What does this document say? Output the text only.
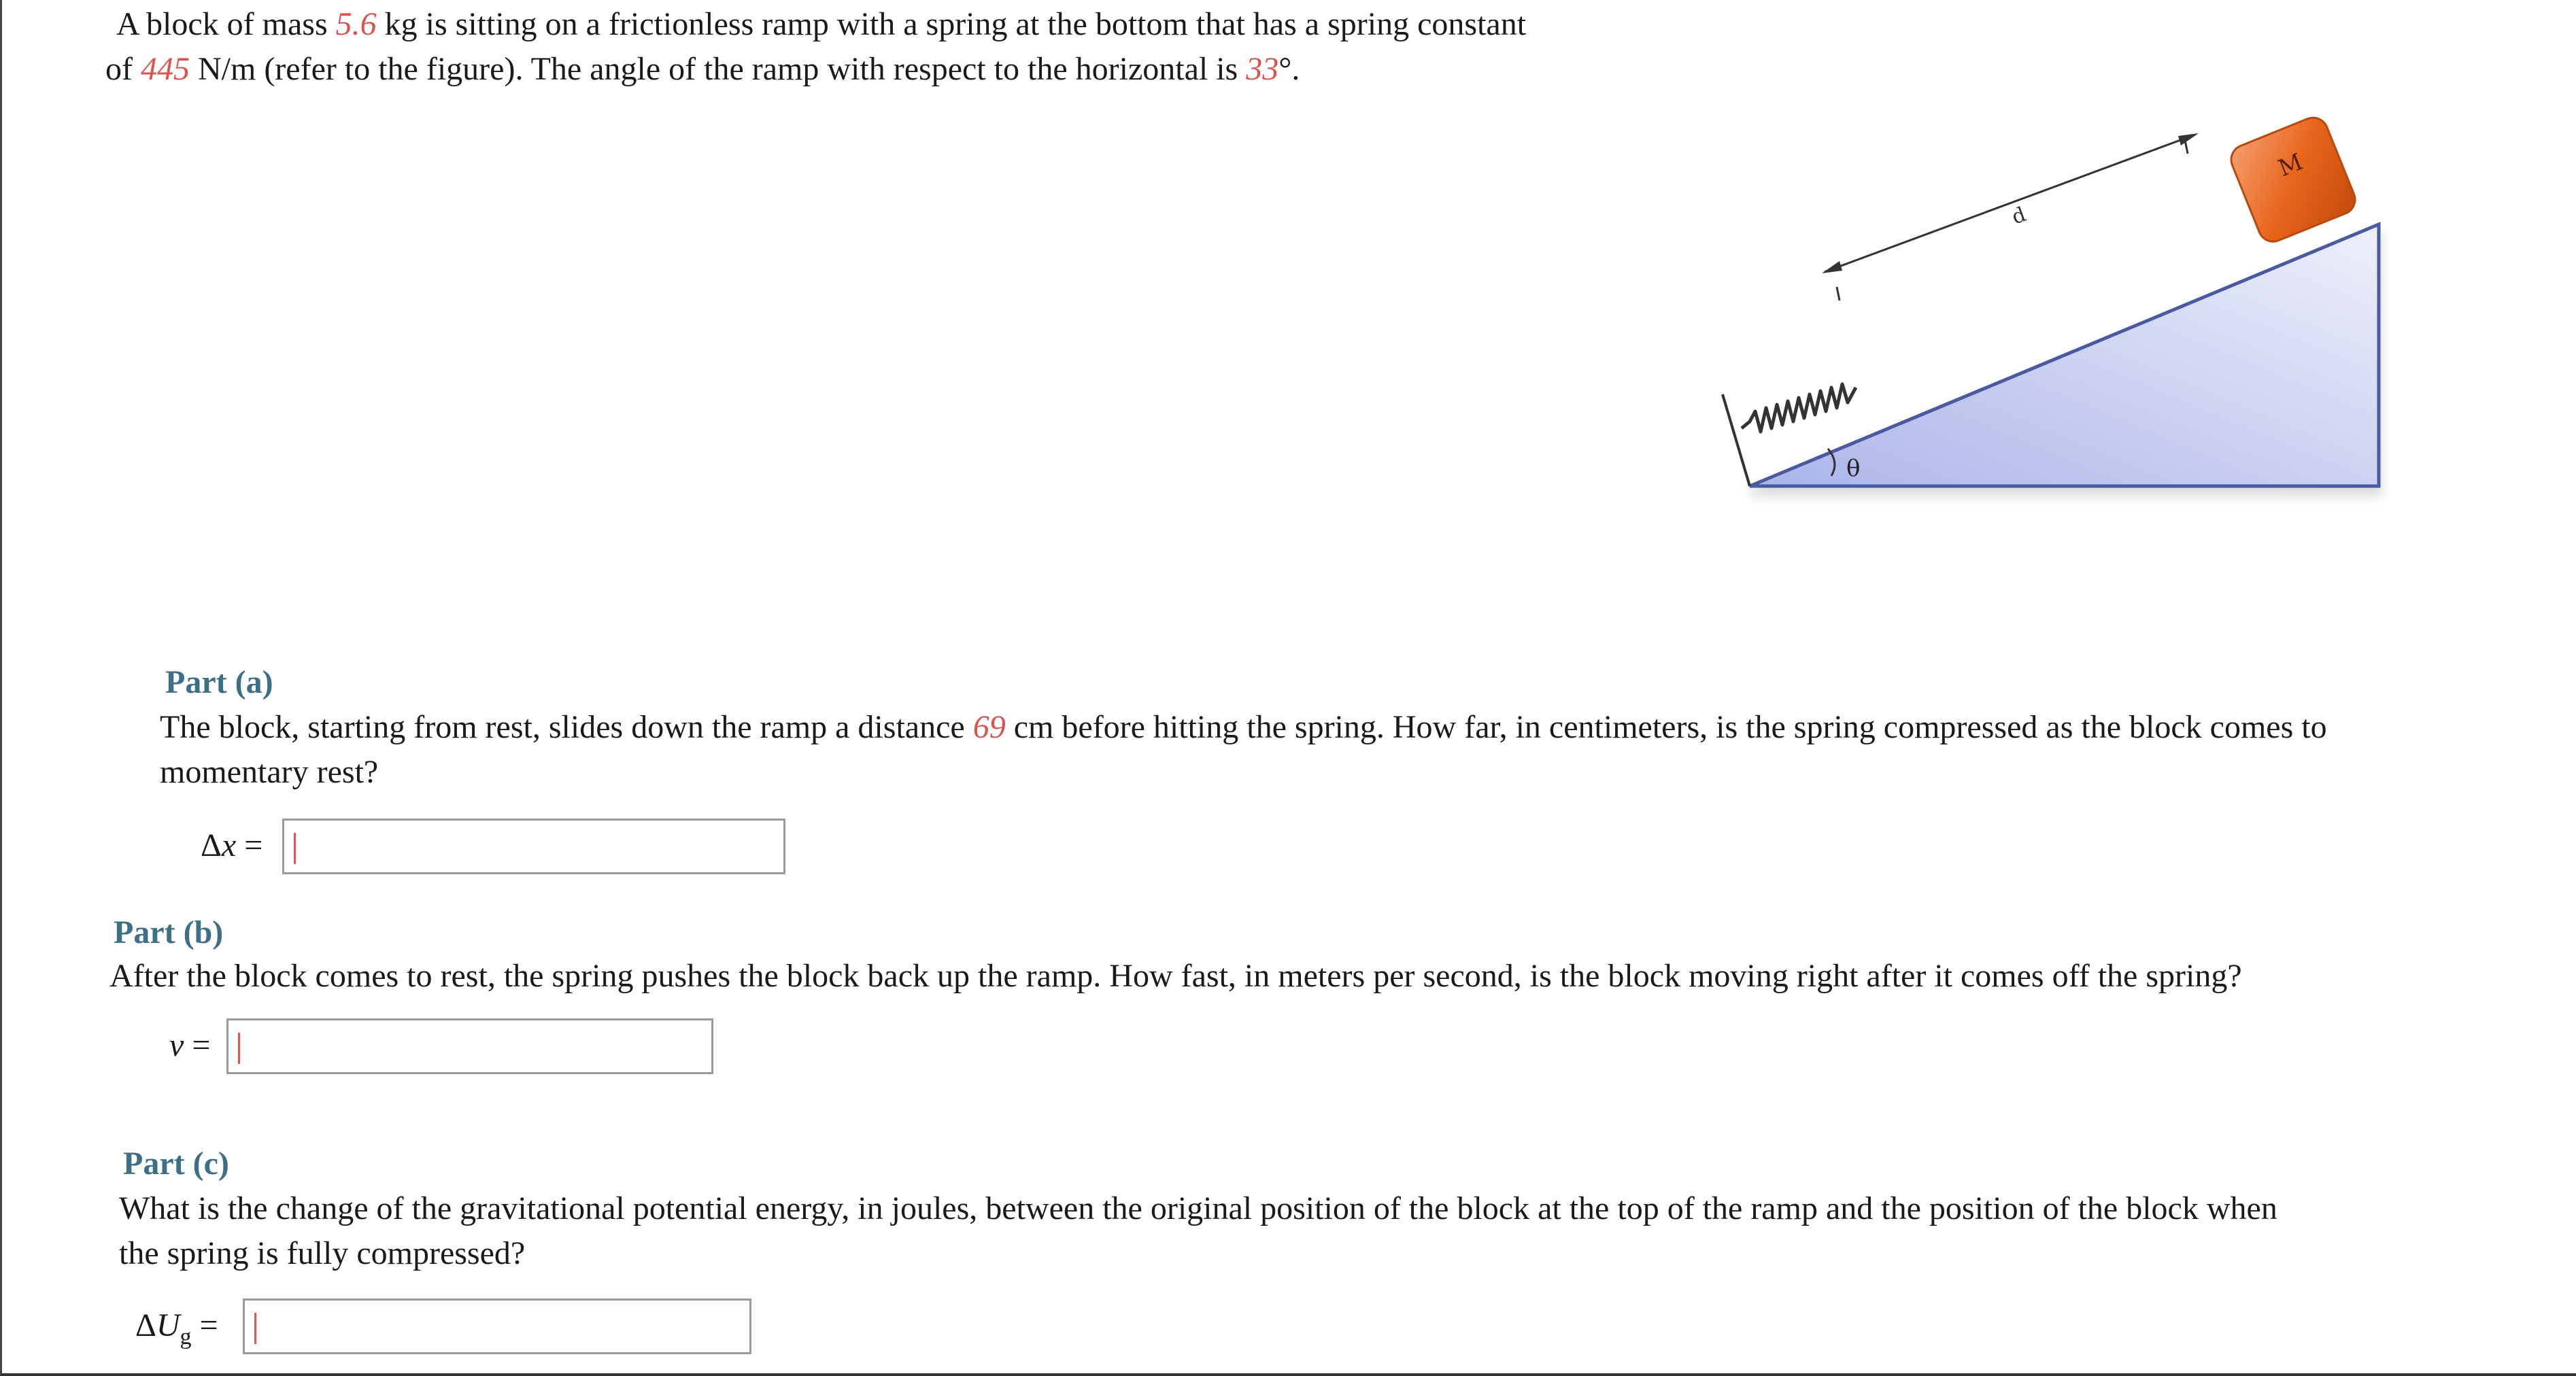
A block of mass 5.6 kg is sitting on a frictionless ramp with a spring at the bottom that has a spring constant
of 445 N/m (refer to the figure). The angle of the ramp with respect to the horizontal is 33°.
d
M
θ
Part (a)
The block, starting from rest, slides down the ramp a distance 69 cm before hitting the spring. How far, in centimeters, is the spring compressed as the block comes to
momentary rest?
Δx =
Part (b)
After the block comes to rest, the spring pushes the block back up the ramp. How fast, in meters per second, is the block moving right after it comes off the spring?
v =
Part (c)
What is the change of the gravitational potential energy, in joules, between the original position of the block at the top of the ramp and the position of the block when
the spring is fully compressed?
$\Delta U_g$ =
